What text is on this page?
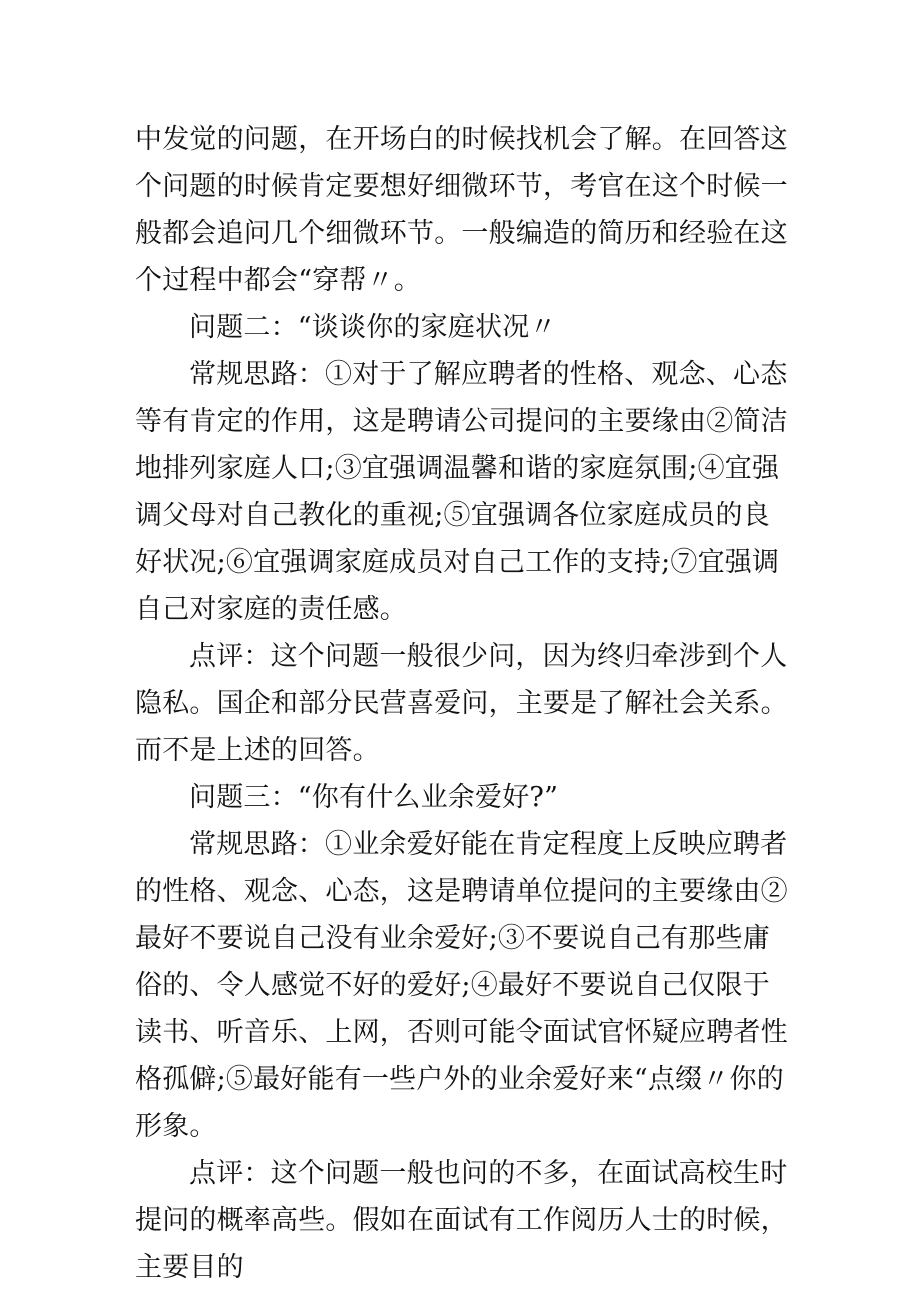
中发觉的问题，在开场白的时候找机会了解。在回答这个问题的时候肯定要想好细微环节，考官在这个时候一般都会追问几个细微环节。一般编造的简历和经验在这个过程中都会“穿帮〃。

问题二：“谈谈你的家庭状况〃

常规思路：①对于了解应聘者的性格、观念、心态等有肯定的作用，这是聘请公司提问的主要缘由②简洁地排列家庭人口;③宜强调温馨和谐的家庭氛围;④宜强调父母对自己教化的重视;⑤宜强调各位家庭成员的良好状况;⑥宜强调家庭成员对自己工作的支持;⑦宜强调自己对家庭的责任感。

点评：这个问题一般很少问，因为终归牵涉到个人隐私。国企和部分民营喜爱问，主要是了解社会关系。而不是上述的回答。

问题三：“你有什么业余爱好?”

常规思路：①业余爱好能在肯定程度上反映应聘者的性格、观念、心态，这是聘请单位提问的主要缘由②最好不要说自己没有业余爱好;③不要说自己有那些庸俗的、令人感觉不好的爱好;④最好不要说自己仅限于读书、听音乐、上网，否则可能令面试官怀疑应聘者性格孤僻;⑤最好能有一些户外的业余爱好来“点缀〃你的形象。

点评：这个问题一般也问的不多，在面试高校生时提问的概率高些。假如在面试有工作阅历人士的时候，主要目的
